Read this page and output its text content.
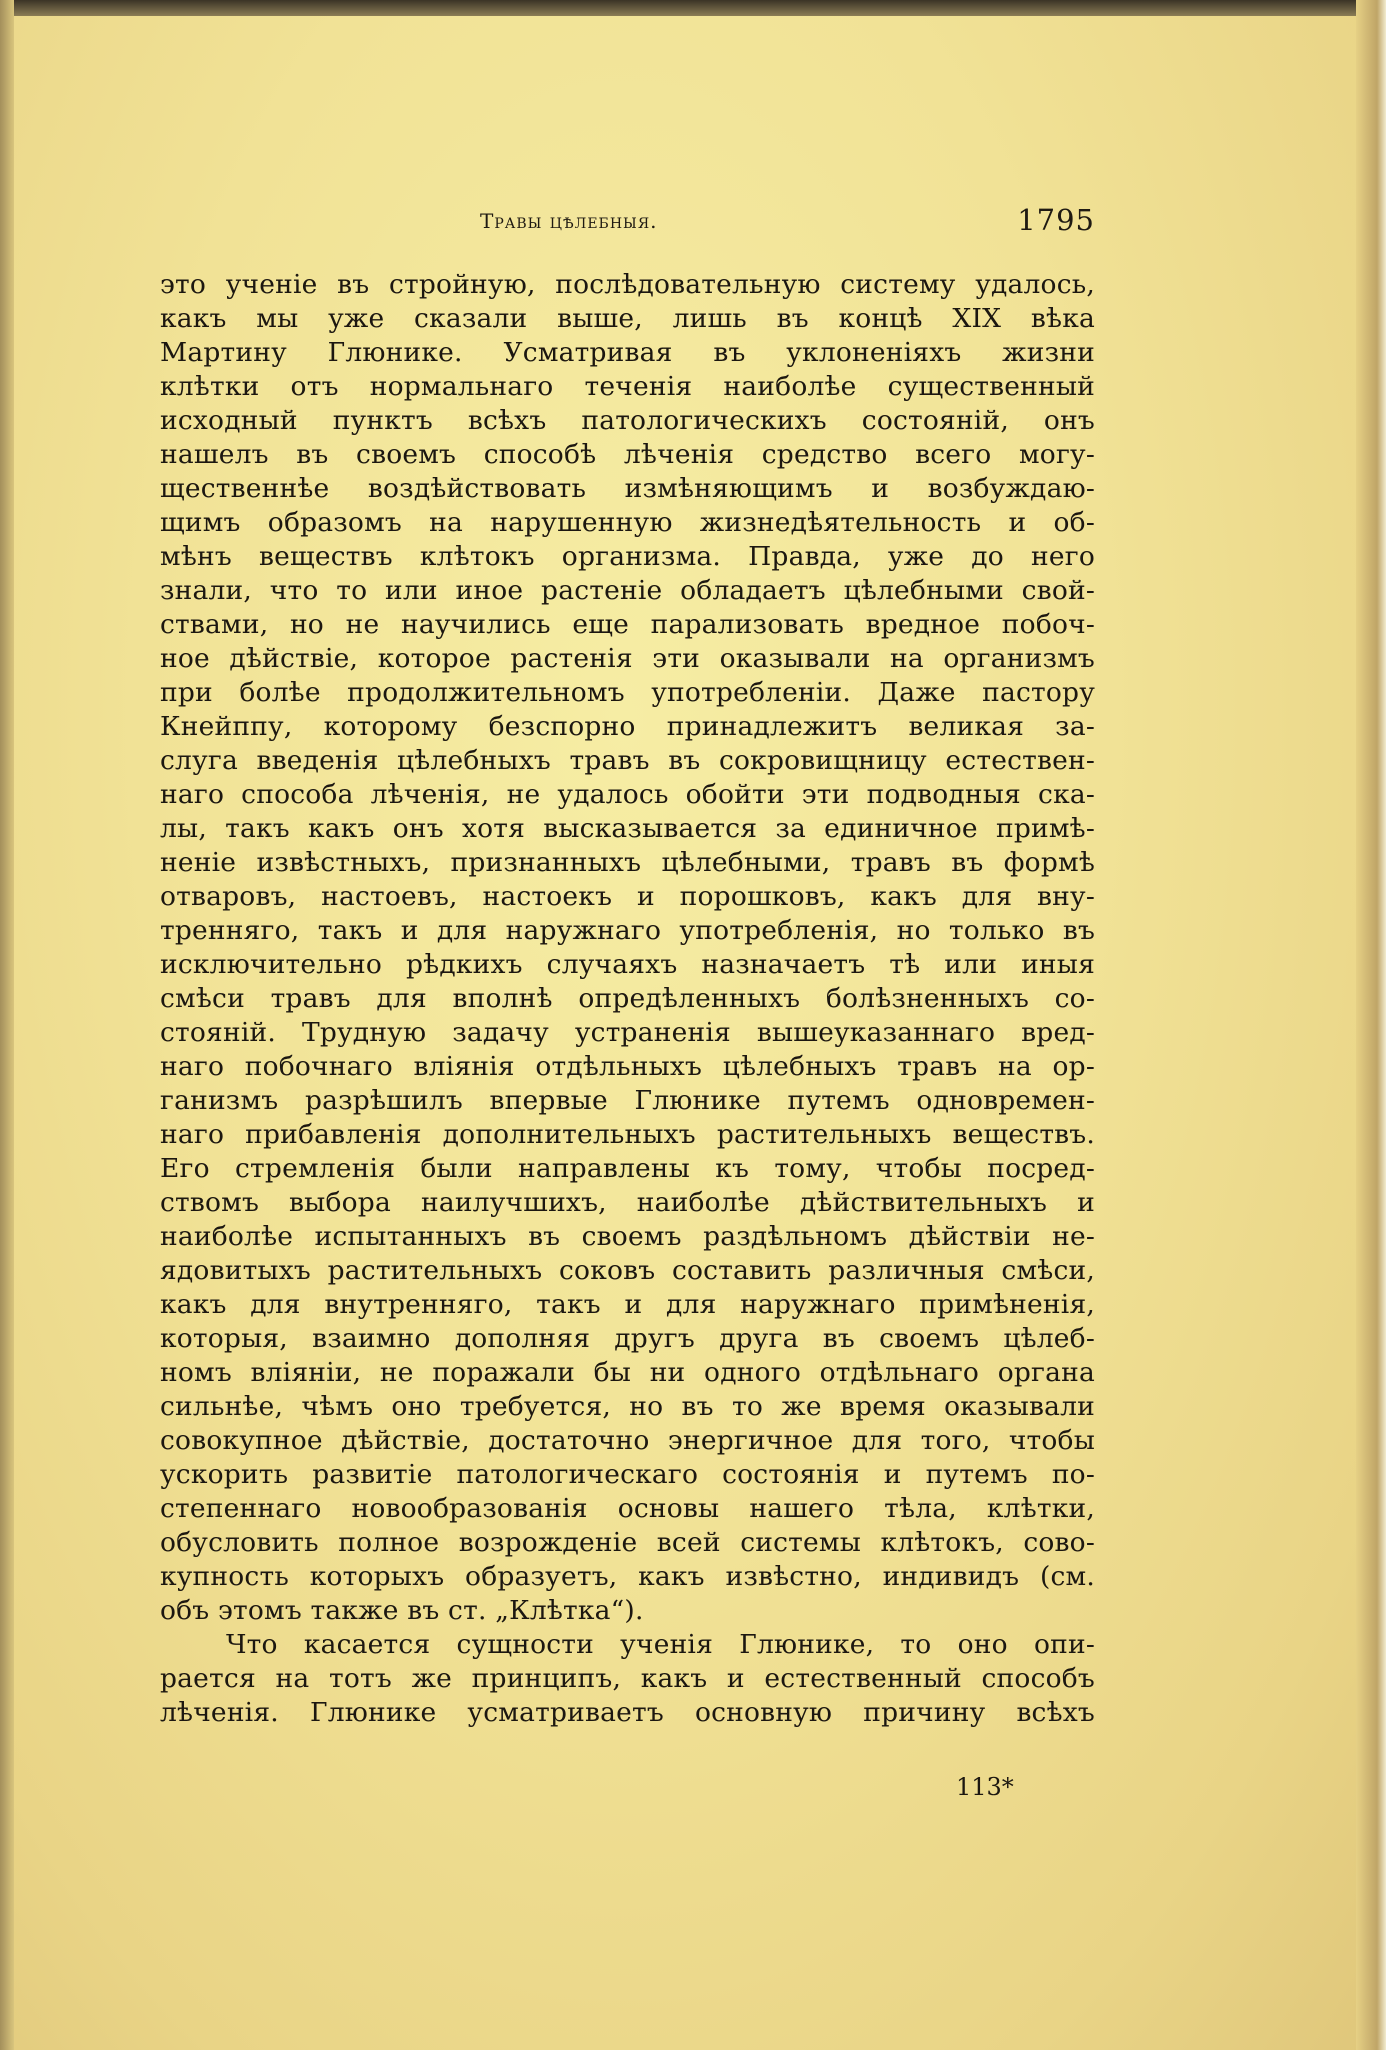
Травы цѣлебныя.	1795
это ученіе въ стройную, послѣдовательную систему удалось,
какъ мы уже сказали выше, лишь въ концѣ XIX вѣка
Мартину Глюнике. Усматривая въ уклоненіяхъ жизни
клѣтки отъ нормальнаго теченія наиболѣе существенный
исходный пунктъ всѣхъ патологическихъ состояній, онъ
нашелъ въ своемъ способѣ лѣченія средство всего могу-
щественнѣе воздѣйствовать измѣняющимъ и возбуждаю-
щимъ образомъ на нарушенную жизнедѣятельность и об-
мѣнъ веществъ клѣтокъ организма. Правда, уже до него
знали, что то или иное растеніе обладаетъ цѣлебными свой-
ствами, но не научились еще парализовать вредное побоч-
ное дѣйствіе, которое растенія эти оказывали на организмъ
при болѣе продолжительномъ употребленіи. Даже пастору
Кнейппу, которому безспорно принадлежитъ великая за-
слуга введенія цѣлебныхъ травъ въ сокровищницу естествен-
наго способа лѣченія, не удалось обойти эти подводныя ска-
лы, такъ какъ онъ хотя высказывается за единичное примѣ-
неніе извѣстныхъ, признанныхъ цѣлебными, травъ въ формѣ
отваровъ, настоевъ, настоекъ и порошковъ, какъ для вну-
тренняго, такъ и для наружнаго употребленія, но только въ
исключительно рѣдкихъ случаяхъ назначаетъ тѣ или иныя
смѣси травъ для вполнѣ опредѣленныхъ болѣзненныхъ со-
стояній. Трудную задачу устраненія вышеуказаннаго вред-
наго побочнаго вліянія отдѣльныхъ цѣлебныхъ травъ на ор-
ганизмъ разрѣшилъ впервые Глюнике путемъ одновремен-
наго прибавленія дополнительныхъ растительныхъ веществъ.
Его стремленія были направлены къ тому, чтобы посред-
ствомъ выбора наилучшихъ, наиболѣе дѣйствительныхъ и
наиболѣе испытанныхъ въ своемъ раздѣльномъ дѣйствіи не-
ядовитыхъ растительныхъ соковъ составить различныя смѣси,
какъ для внутренняго, такъ и для наружнаго примѣненія,
которыя, взаимно дополняя другъ друга въ своемъ цѣлеб-
номъ вліяніи, не поражали бы ни одного отдѣльнаго органа
сильнѣе, чѣмъ оно требуется, но въ то же время оказывали
совокупное дѣйствіе, достаточно энергичное для того, чтобы
ускорить развитіе патологическаго состоянія и путемъ по-
степеннаго новообразованія основы нашего тѣла, клѣтки,
обусловить полное возрожденіе всей системы клѣтокъ, сово-
купность которыхъ образуетъ, какъ извѣстно, индивидъ (см.
объ этомъ также въ ст. „Клѣтка“).
Что касается сущности ученія Глюнике, то оно опи-
рается на тотъ же принципъ, какъ и естественный способъ
лѣченія. Глюнике усматриваетъ основную причину всѣхъ
113*
